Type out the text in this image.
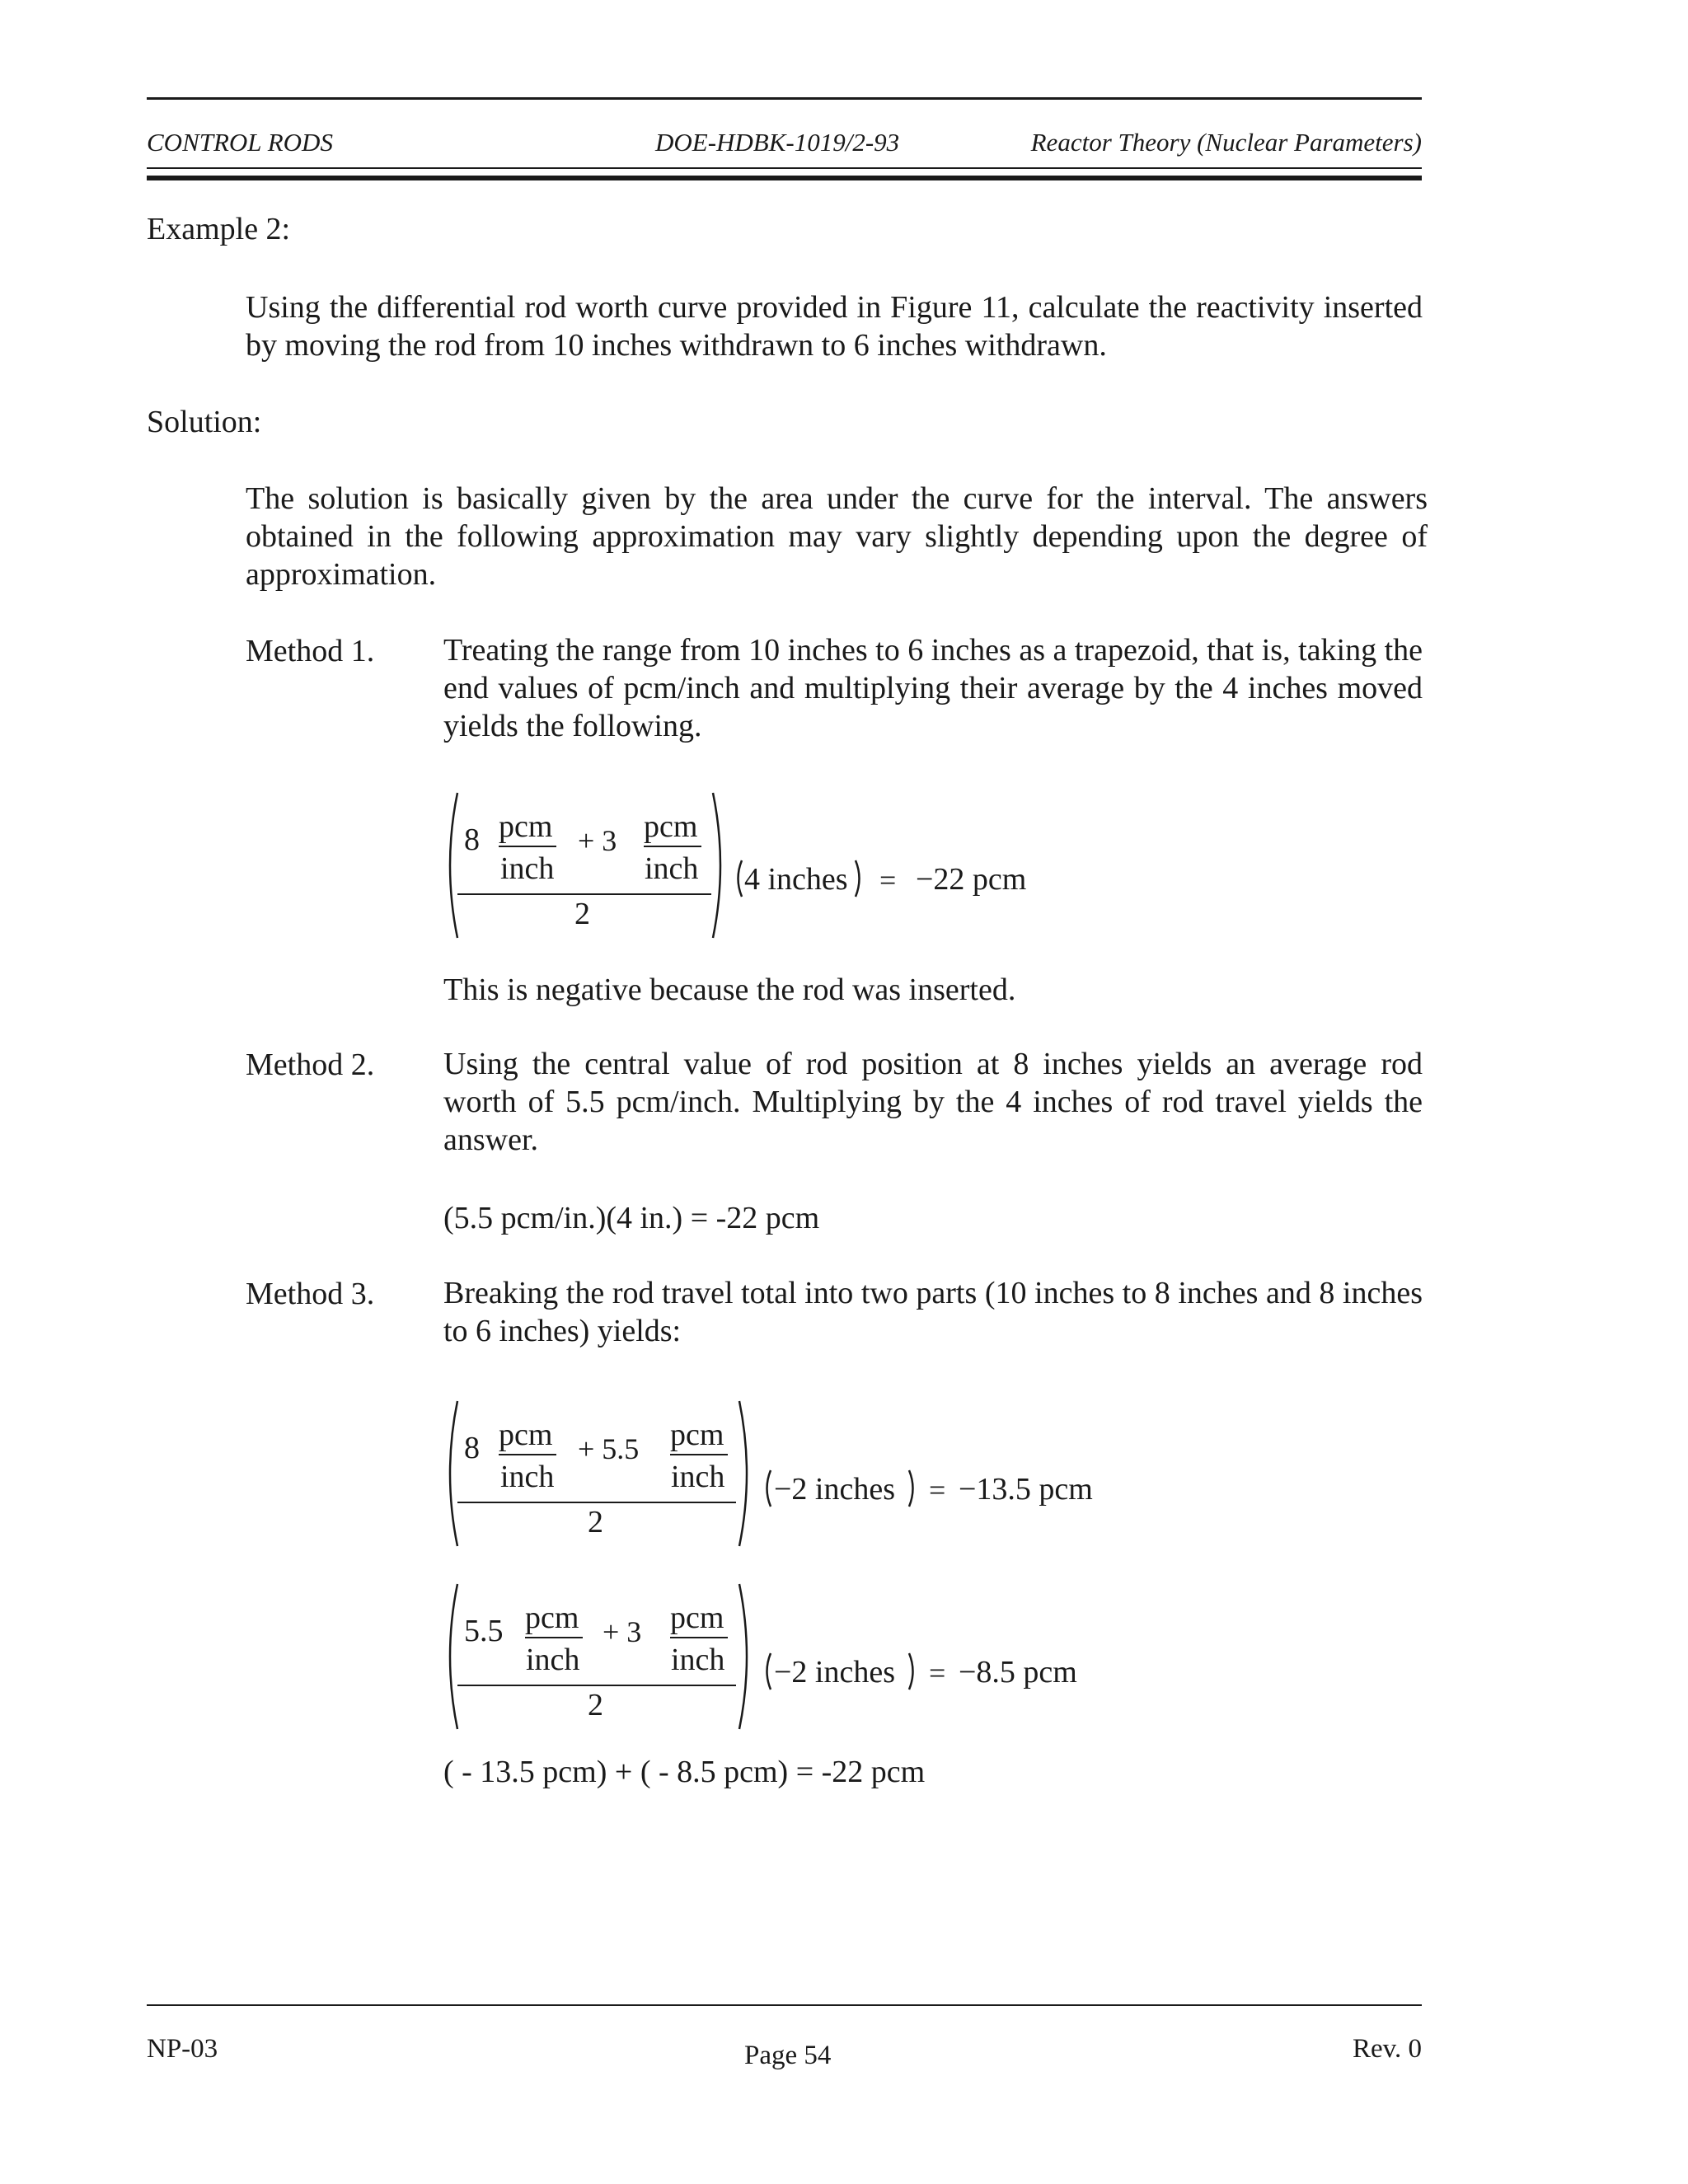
CONTROL RODS	DOE-HDBK-1019/2-93	Reactor Theory (Nuclear Parameters)
Example 2:
Using the differential rod worth curve provided in Figure 11, calculate the reactivity inserted by moving the rod from 10 inches withdrawn to 6 inches withdrawn.
Solution:
The solution is basically given by the area under the curve for the interval. The answers obtained in the following approximation may vary slightly depending upon the degree of approximation.
Method 1. Treating the range from 10 inches to 6 inches as a trapezoid, that is, taking the end values of pcm/inch and multiplying their average by the 4 inches moved yields the following.
8 pcm
inch
+ 3 pcm
inch
2
4 inches = −22 pcm
This is negative because the rod was inserted.
Method 2. Using the central value of rod position at 8 inches yields an average rod worth of 5.5 pcm/inch. Multiplying by the 4 inches of rod travel yields the answer.
(5.5 pcm/in.)(4 in.) = -22 pcm
Method 3. Breaking the rod travel total into two parts (10 inches to 8 inches and 8 inches to 6 inches) yields:
8 pcm
inch
+ 5.5 pcm
inch
2
−2 inches = −13.5 pcm
5.5 pcm
inch
+ 3 pcm
inch
2
−2 inches = −8.5 pcm
( - 13.5 pcm) + ( - 8.5 pcm) = -22 pcm
NP-03	Page 54	Rev. 0
